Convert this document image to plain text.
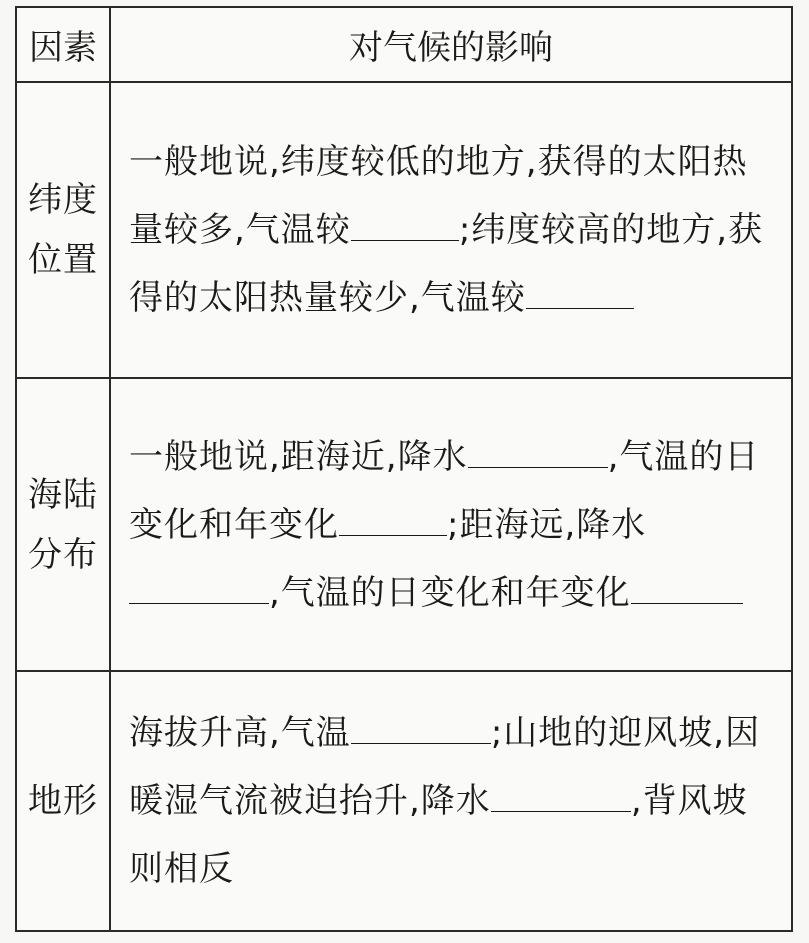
因素	对气候的影响

纬度
位置	一般地说,纬度较低的地方,获得的太阳热量较多,气温较 ;纬度较高的地方,获得的太阳热量较少,气温较

海陆
分布	一般地说,距海近,降水 ,气温的日变化和年变化 ;距海远,降水,气温的日变化和年变化

地形	海拔升高,气温 ;山地的迎风坡,因暖湿气流被迫抬升,降水 ,背风坡则相反
